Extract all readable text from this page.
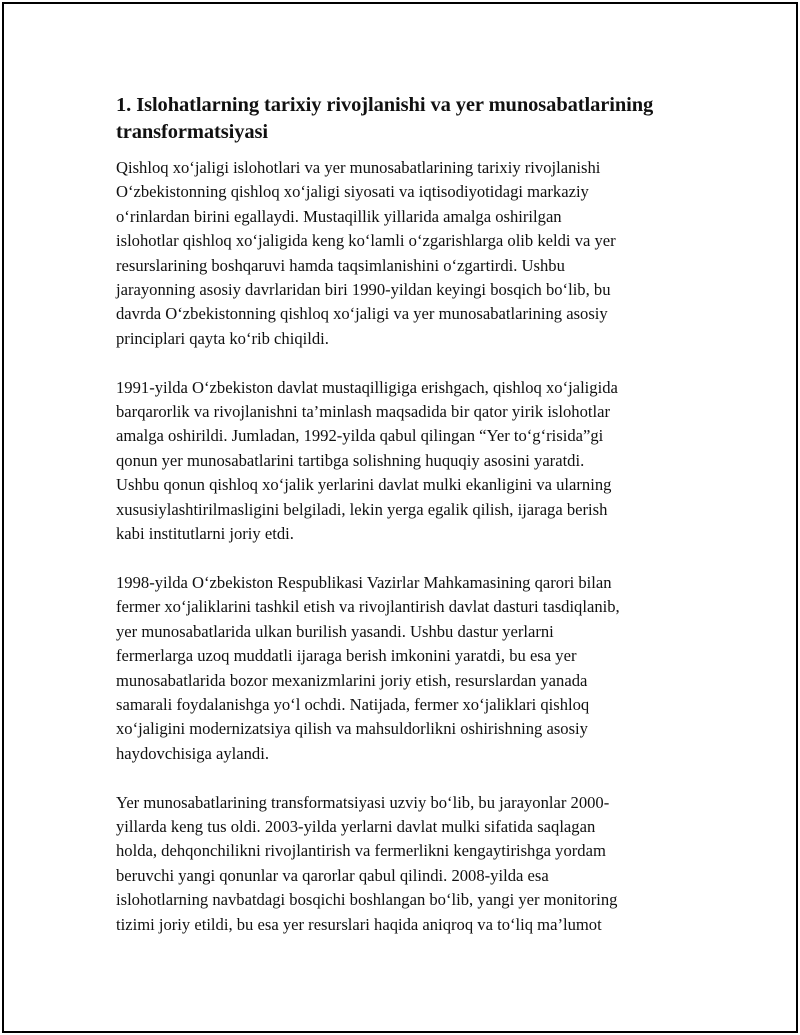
1. Islohatlarning tarixiy rivojlanishi va yer munosabatlarining
transformatsiyasi

Qishloq xo‘jaligi islohotlari va yer munosabatlarining tarixiy rivojlanishi
O‘zbekistonning qishloq xo‘jaligi siyosati va iqtisodiyotidagi markaziy
o‘rinlardan birini egallaydi. Mustaqillik yillarida amalga oshirilgan
islohotlar qishloq xo‘jaligida keng ko‘lamli o‘zgarishlarga olib keldi va yer
resurslarining boshqaruvi hamda taqsimlanishini o‘zgartirdi. Ushbu
jarayonning asosiy davrlaridan biri 1990-yildan keyingi bosqich bo‘lib, bu
davrda O‘zbekistonning qishloq xo‘jaligi va yer munosabatlarining asosiy
principlari qayta ko‘rib chiqildi.

1991-yilda O‘zbekiston davlat mustaqilligiga erishgach, qishloq xo‘jaligida
barqarorlik va rivojlanishni ta’minlash maqsadida bir qator yirik islohotlar
amalga oshirildi. Jumladan, 1992-yilda qabul qilingan “Yer to‘g‘risida”gi
qonun yer munosabatlarini tartibga solishning huquqiy asosini yaratdi.
Ushbu qonun qishloq xo‘jalik yerlarini davlat mulki ekanligini va ularning
xususiylashtirilmasligini belgiladi, lekin yerga egalik qilish, ijaraga berish
kabi institutlarni joriy etdi.

1998-yilda O‘zbekiston Respublikasi Vazirlar Mahkamasining qarori bilan
fermer xo‘jaliklarini tashkil etish va rivojlantirish davlat dasturi tasdiqlanib,
yer munosabatlarida ulkan burilish yasandi. Ushbu dastur yerlarni
fermerlarga uzoq muddatli ijaraga berish imkonini yaratdi, bu esa yer
munosabatlarida bozor mexanizmlarini joriy etish, resurslardan yanada
samarali foydalanishga yo‘l ochdi. Natijada, fermer xo‘jaliklari qishloq
xo‘jaligini modernizatsiya qilish va mahsuldorlikni oshirishning asosiy
haydovchisiga aylandi.

Yer munosabatlarining transformatsiyasi uzviy bo‘lib, bu jarayonlar 2000-
yillarda keng tus oldi. 2003-yilda yerlarni davlat mulki sifatida saqlagan
holda, dehqonchilikni rivojlantirish va fermerlikni kengaytirishga yordam
beruvchi yangi qonunlar va qarorlar qabul qilindi. 2008-yilda esa
islohotlarning navbatdagi bosqichi boshlangan bo‘lib, yangi yer monitoring
tizimi joriy etildi, bu esa yer resurslari haqida aniqroq va to‘liq ma’lumot
